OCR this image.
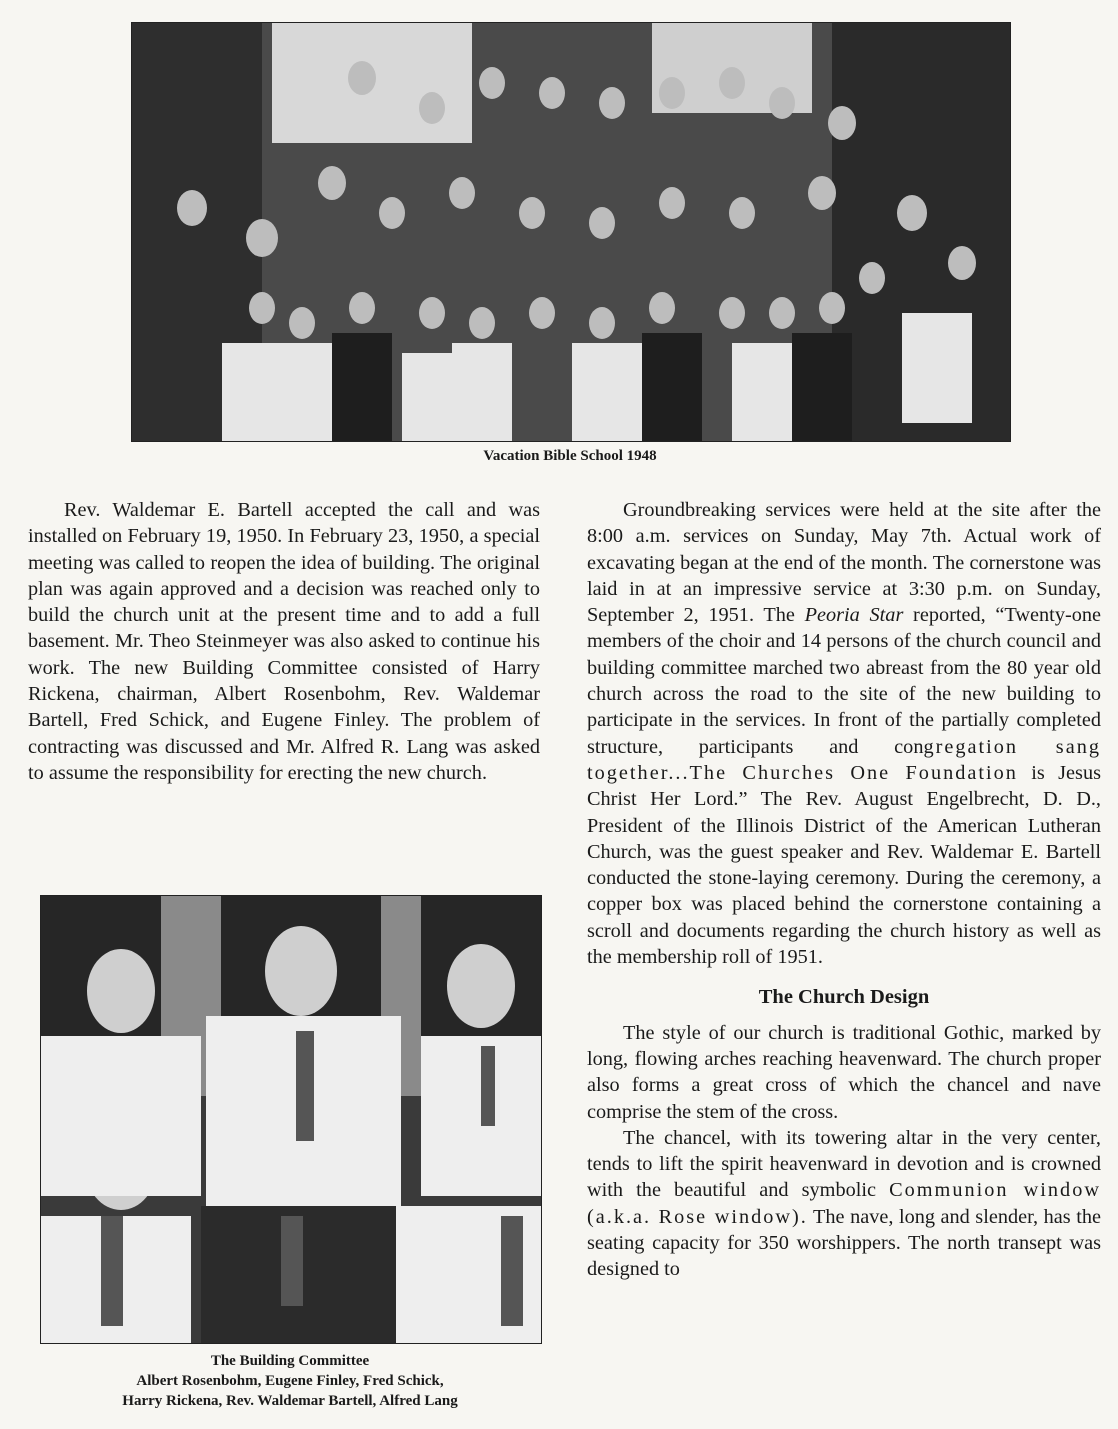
Vacation Bible School 1948
The Building Committee
Albert Rosenbohm, Eugene Finley, Fred Schick,
Harry Rickena, Rev. Waldemar Bartell, Alfred Lang

Rev. Waldemar E. Bartell accepted the call and was installed on February 19, 1950. In February 23, 1950, a special meeting was called to reopen the idea of building. The original plan was again approved and a decision was reached only to build the church unit at the present time and to add a full basement. Mr. Theo Steinmeyer was also asked to continue his work. The new Building Committee consisted of Harry Rickena, chairman, Albert Rosenbohm, Rev. Waldemar Bartell, Fred Schick, and Eugene Finley. The problem of contracting was discussed and Mr. Alfred R. Lang was asked to assume the responsibility for erecting the new church.

Groundbreaking services were held at the site after the 8:00 a.m. services on Sunday, May 7th. Actual work of excavating began at the end of the month. The cornerstone was laid in at an impressive service at 3:30 p.m. on Sunday, September 2, 1951. The Peoria Star reported, “Twenty-one members of the choir and 14 persons of the church council and building committee marched two abreast from the 80 year old church across the road to the site of the new building to participate in the services. In front of the partially completed structure, participants and congregation sang together...The Churches One Foundation is Jesus Christ Her Lord.” The Rev. August Engelbrecht, D. D., President of the Illinois District of the American Lutheran Church, was the guest speaker and Rev. Waldemar E. Bartell conducted the stone-laying ceremony. During the ceremony, a copper box was placed behind the cornerstone containing a scroll and documents regarding the church history as well as the membership roll of 1951.

The Church Design

The style of our church is traditional Gothic, marked by long, flowing arches reaching heavenward. The church proper also forms a great cross of which the chancel and nave comprise the stem of the cross.

The chancel, with its towering altar in the very center, tends to lift the spirit heavenward in devotion and is crowned with the beautiful and symbolic Communion window (a.k.a. Rose window). The nave, long and slender, has the seating capacity for 350 worshippers. The north transept was designed to
